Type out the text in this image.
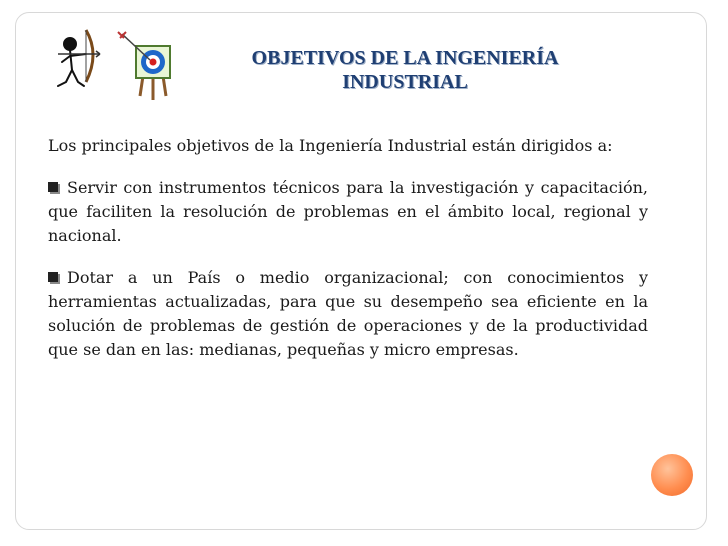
OBJETIVOS DE LA INGENIERÍA
INDUSTRIAL

Los principales objetivos de la Ingeniería Industrial están dirigidos a:

Servir con instrumentos técnicos para la investigación y capacitación, que faciliten la resolución de problemas en el ámbito local, regional y nacional.

Dotar a un País o medio organizacional; con conocimientos y herramientas actualizadas, para que su desempeño sea eficiente en la solución de problemas de gestión de operaciones y de la productividad que se dan en las: medianas, pequeñas y micro empresas.
